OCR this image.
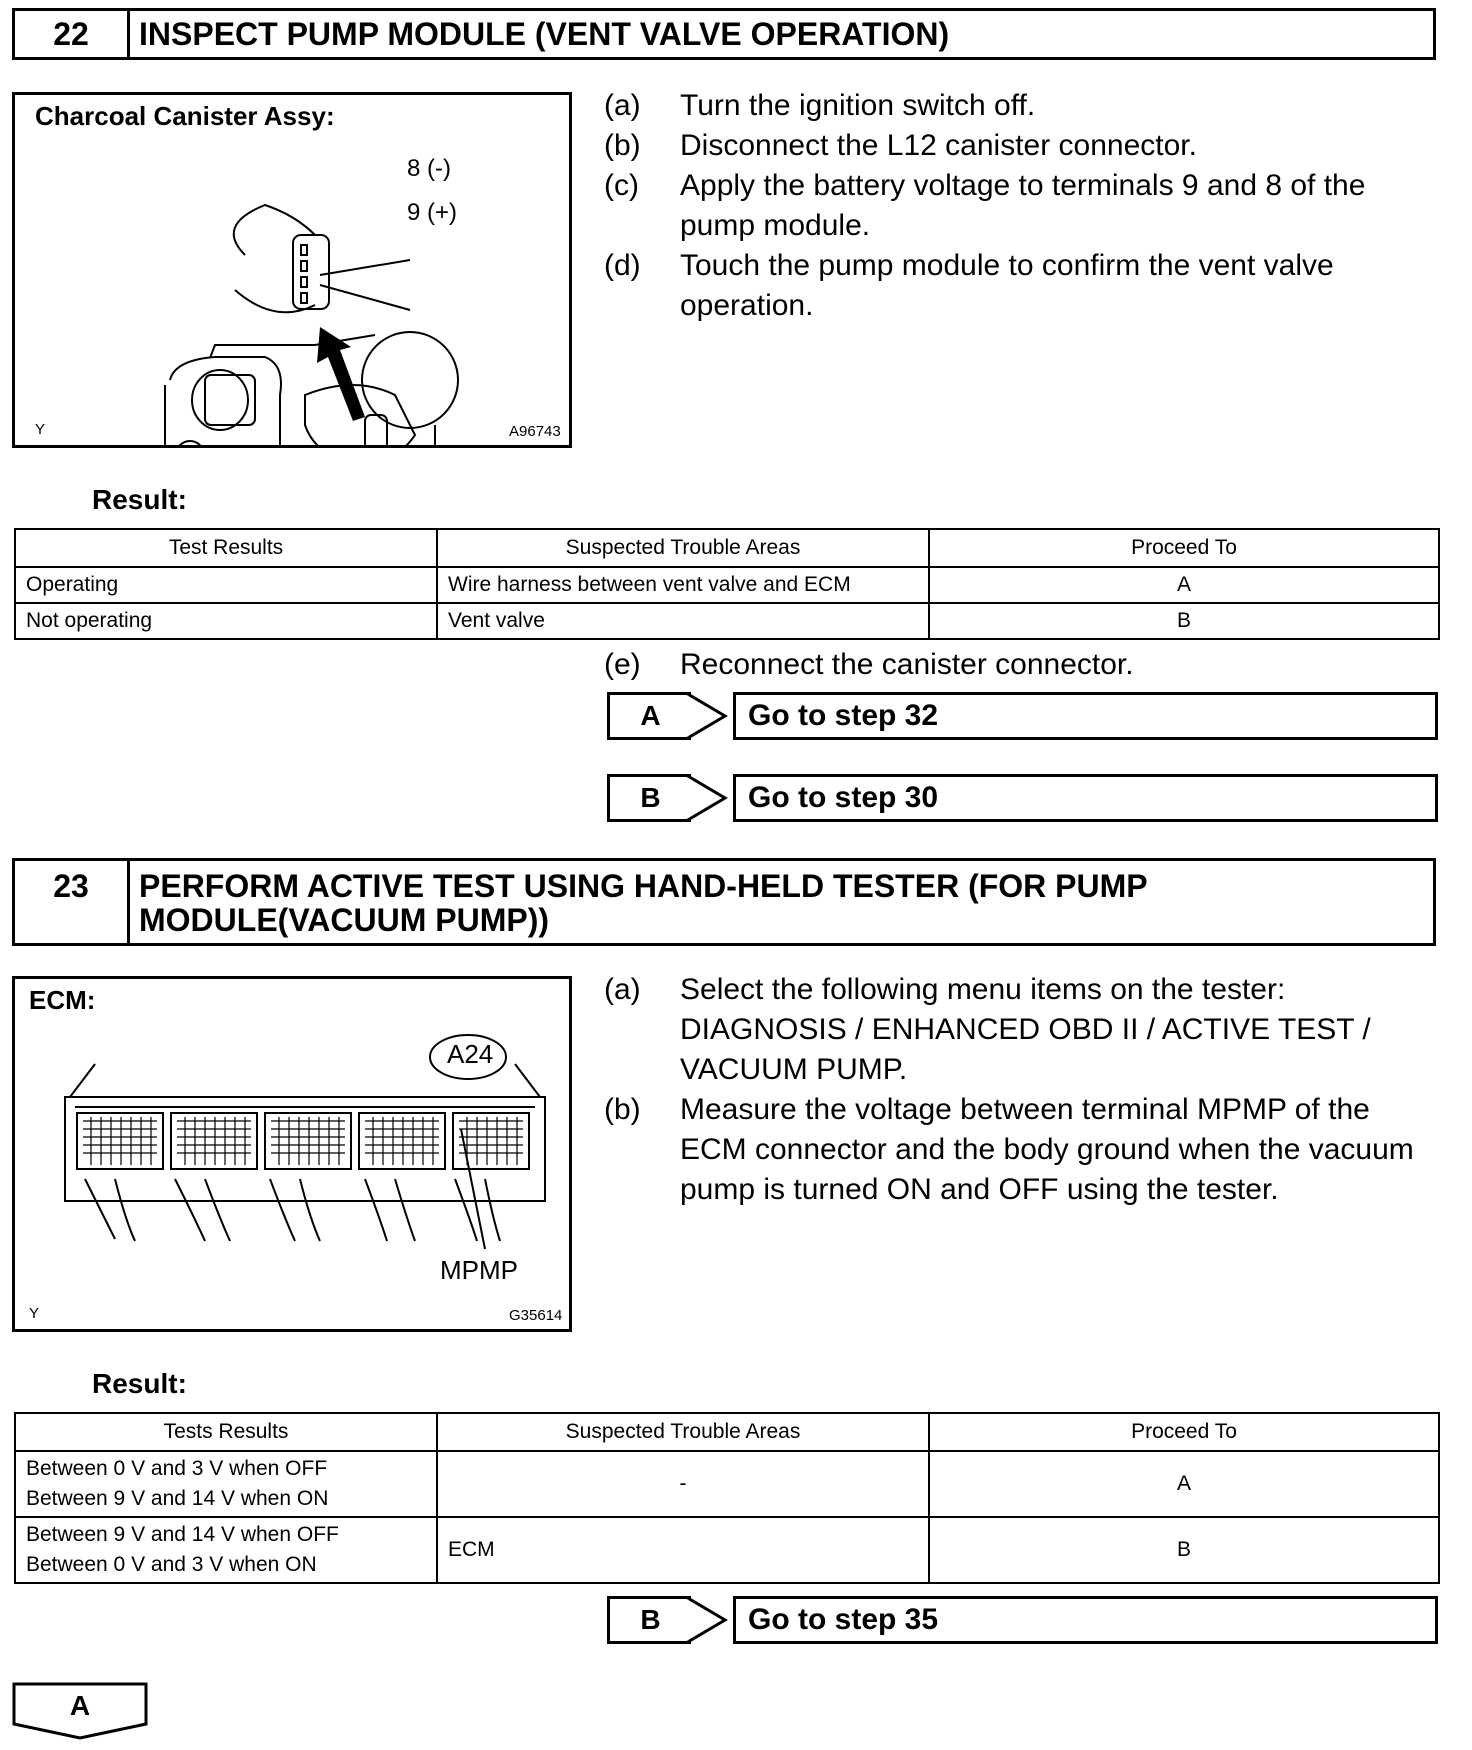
22	INSPECT PUMP MODULE (VENT VALVE OPERATION)
Charcoal Canister Assy:
8 (-)
9 (+)
Y	A96743
(a) Turn the ignition switch off.
(b) Disconnect the L12 canister connector.
(c) Apply the battery voltage to terminals 9 and 8 of the pump module.
(d) Touch the pump module to confirm the vent valve operation.
Result:
Test Results	Suspected Trouble Areas	Proceed To
Operating	Wire harness between vent valve and ECM	A
Not operating	Vent valve	B
(e) Reconnect the canister connector.
A	Go to step 32
B	Go to step 30
23	PERFORM ACTIVE TEST USING HAND-HELD TESTER (FOR PUMP
MODULE(VACUUM PUMP))
ECM:
A24
MPMP
Y	G35614
(a) Select the following menu items on the tester: DIAGNOSIS / ENHANCED OBD II / ACTIVE TEST / VACUUM PUMP.
(b) Measure the voltage between terminal MPMP of the ECM connector and the body ground when the vacuum pump is turned ON and OFF using the tester.
Result:
Tests Results	Suspected Trouble Areas	Proceed To

Between 0 V and 3 V when OFF
Between 9 V and 14 V when ON	-	A

Between 9 V and 14 V when OFF
Between 0 V and 3 V when ON	ECM	B
B	Go to step 35
A
